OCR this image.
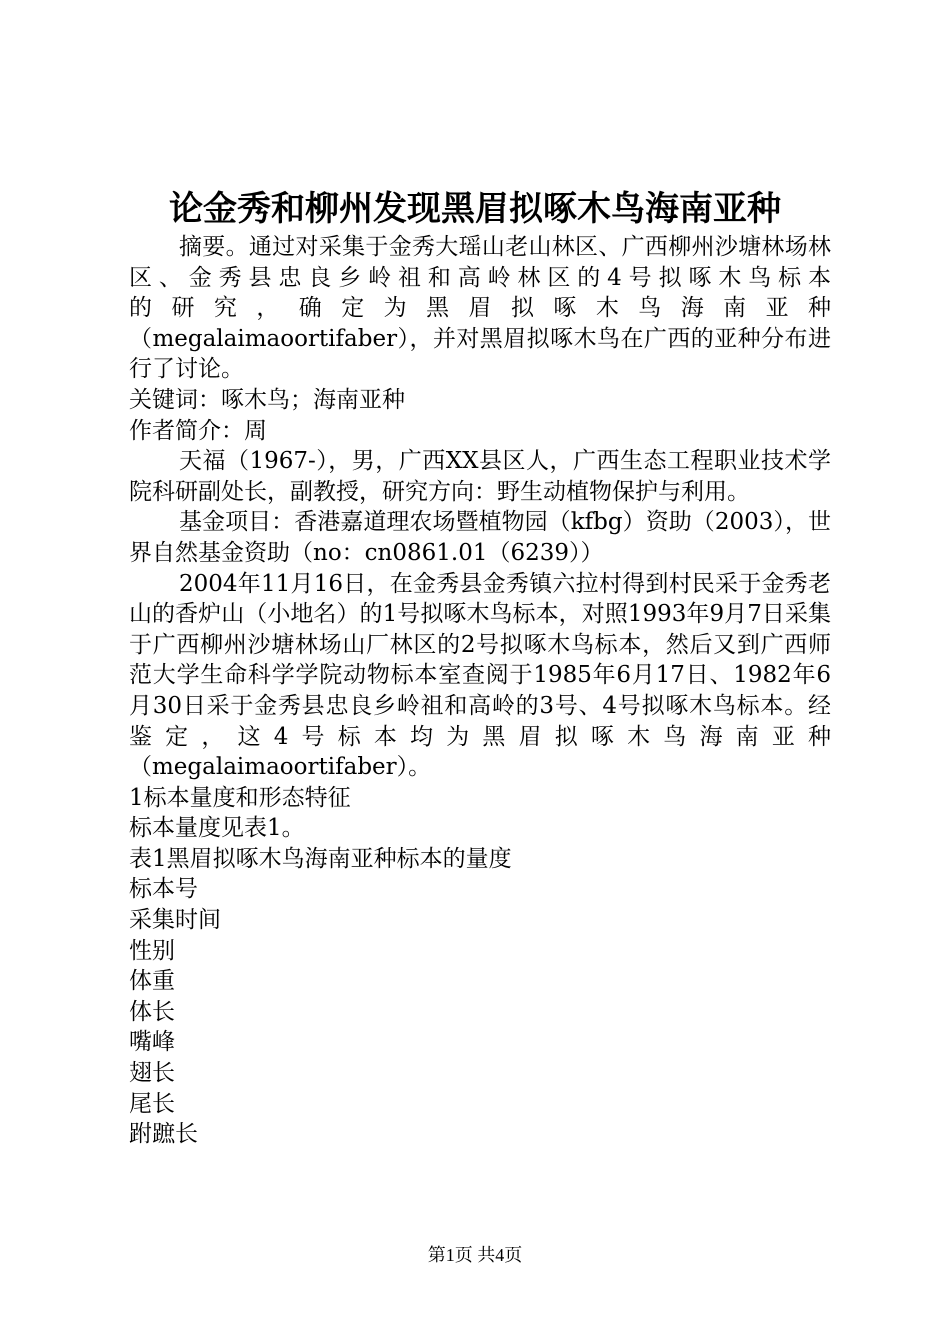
论金秀和柳州发现黑眉拟啄木鸟海南亚种

摘要。通过对采集于金秀大瑶山老山林区、广西柳州沙塘林场林区、金秀县忠良乡岭祖和高岭林区的4号拟啄木鸟标本

的研究，确定为黑眉拟啄木鸟海南亚种

（megalaimaoortifaber），并对黑眉拟啄木鸟在广西的亚种分布进行了讨论。

关键词：啄木鸟；海南亚种

作者简介：周

天福（1967-），男，广西XX县区人，广西生态工程职业技术学院科研副处长，副教授，研究方向：野生动植物保护与利用。

基金项目：香港嘉道理农场暨植物园（kfbg）资助（2003），世界自然基金资助（no：cn0861.01（6239））

2004年11月16日，在金秀县金秀镇六拉村得到村民采于金秀老山的香炉山（小地名）的1号拟啄木鸟标本，对照1993年9月7日采集于广西柳州沙塘林场山厂林区的2号拟啄木鸟标本，然后又到广西师范大学生命科学学院动物标本室查阅于1985年6月17日、1982年6月30日采于金秀县忠良乡岭祖和高岭的3号、4号拟啄木鸟标本。经鉴定，这4号标本均为黑眉拟啄木鸟海南亚种（megalaimaoortifaber）。

1标本量度和形态特征

标本量度见表1。

表1黑眉拟啄木鸟海南亚种标本的量度

标本号

采集时间

性别

体重

体长

嘴峰

翅长

尾长

跗蹠长

第1页 共4页
